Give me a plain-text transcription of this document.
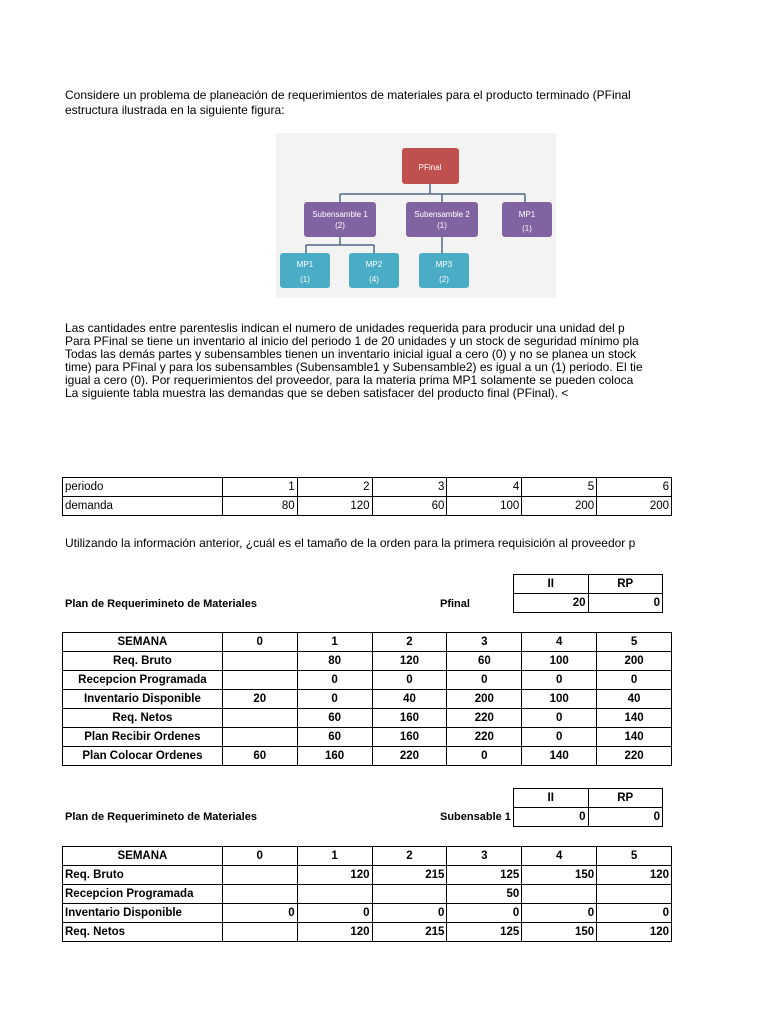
Considere un problema de planeación de requerimientos de materiales para el producto terminado (PFinal
estructura ilustrada en la siguiente figura:
PFinal
Subensamble 1
(2)
Subensamble 2
(1)
MP1
(1)
MP1
(1)
MP2
(4)
MP3
(2)
Las cantidades entre parenteslis indican el numero de unidades requerida para producir una unidad del p
Para PFinal se tiene un inventario al inicio del periodo 1 de 20 unidades y un stock de seguridad mínimo pla
Todas las demás partes y subensambles tienen un inventario inicial igual a cero (0) y no se planea un stock
time) para PFinal y para los subensambles (Subensamble1 y Subensamble2) es igual a un (1) periodo. El tie
igual a cero (0). Por requerimientos del proveedor, para la materia prima MP1 solamente se pueden coloca
La siguiente tabla muestra las demandas que se deben satisfacer del producto final (PFinal). <
periodo	1	2	3	4	5	6
demanda	80	120	60	100	200	200
Utilizando la información anterior, ¿cuál es el tamaño de la orden para la primera requisición al proveedor p
II	RP
20	0
Plan de Requerimineto de Materiales	Pfinal
SEMANA	0	1	2	3	4	5
Req. Bruto		80	120	60	100	200
Recepcion Programada		0	0	0	0	0
Inventario Disponible	20	0	40	200	100	40
Req. Netos		60	160	220	0	140
Plan Recibir Ordenes		60	160	220	0	140
Plan Colocar Ordenes	60	160	220	0	140	220
II	RP
0	0
Plan de Requerimineto de Materiales	Subensable 1
SEMANA	0	1	2	3	4	5
Req. Bruto		120	215	125	150	120
Recepcion Programada				50		
Inventario Disponible	0	0	0	0	0	0
Req. Netos		120	215	125	150	120
